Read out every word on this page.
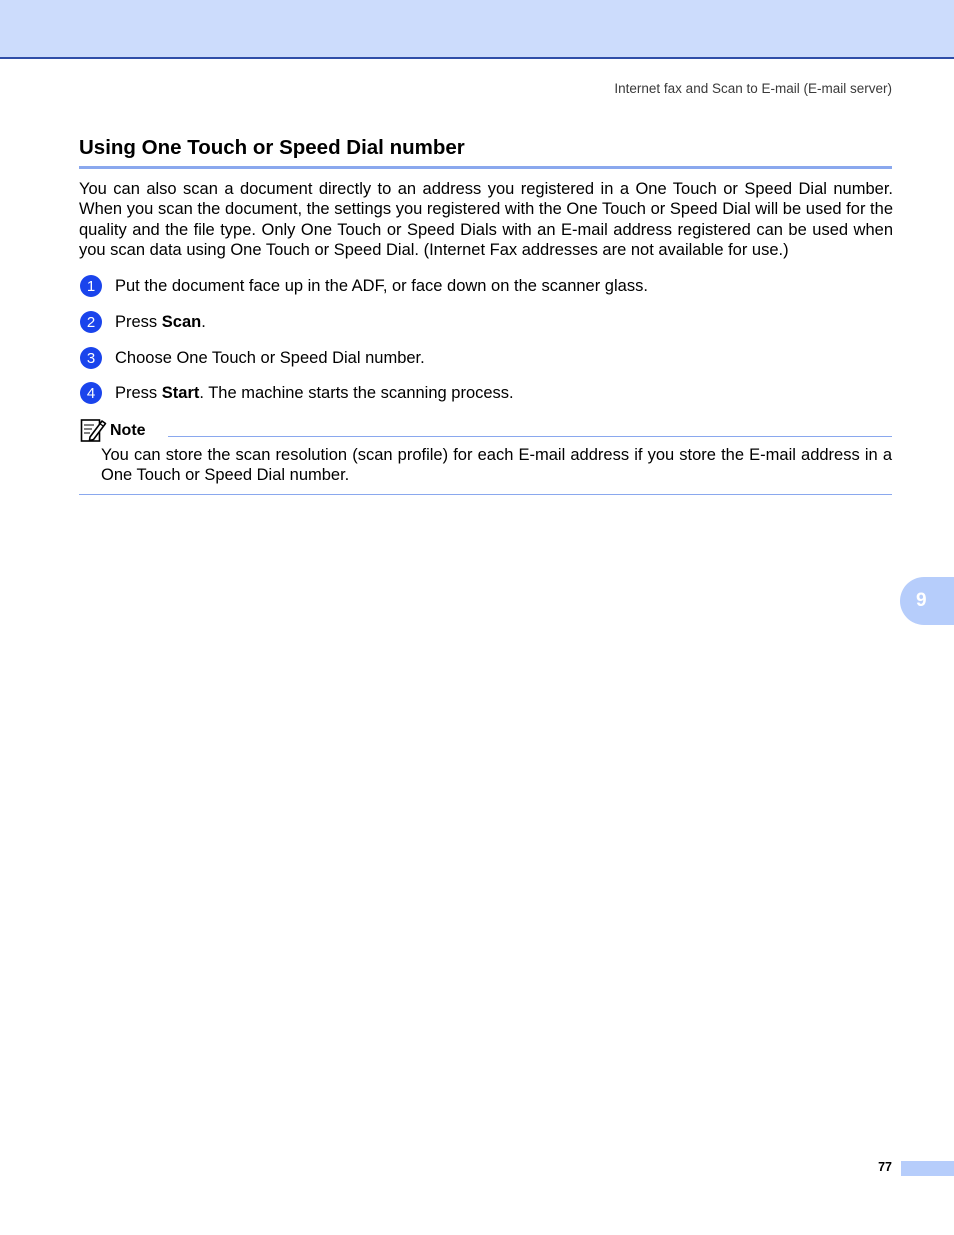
Internet fax and Scan to E-mail (E-mail server)
Using One Touch or Speed Dial number

You can also scan a document directly to an address you registered in a One Touch or Speed Dial number. When you scan the document, the settings you registered with the One Touch or Speed Dial will be used for the quality and the file type. Only One Touch or Speed Dials with an E-mail address registered can be used when you scan data using One Touch or Speed Dial. (Internet Fax addresses are not available for use.)

1	Put the document face up in the ADF, or face down on the scanner glass.
2	Press Scan.
3	Choose One Touch or Speed Dial number.
4	Press Start. The machine starts the scanning process.
Note

You can store the scan resolution (scan profile) for each E-mail address if you store the E-mail address in a One Touch or Speed Dial number.

9
77
